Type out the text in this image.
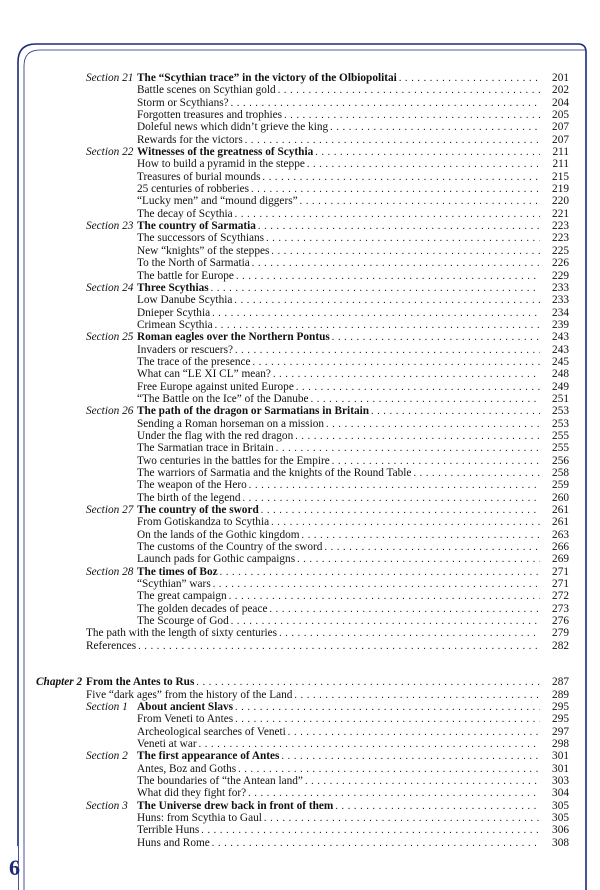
Section 21 The “Scythian trace” in the victory of the Olbiopolitai . . .	201
Battle scenes on Scythian gold . . .	202
Storm or Scythians? . . .	204
Forgotten treasures and trophies . . .	205
Doleful news which didn’t grieve the king . . .	207
Rewards for the victors . . .	207
Section 22 Witnesses of the greatness of Scythia . . .	211
How to build a pyramid in the steppe . . .	211
Treasures of burial mounds . . .	215
25 centuries of robberies . . .	219
“Lucky men” and “mound diggers” . . .	220
The decay of Scythia . . .	221
Section 23 The country of Sarmatia . . .	223
The successors of Scythians . . .	223
New “knights” of the steppes . . .	225
To the North of Sarmatia . . .	226
The battle for Europe . . .	229
Section 24 Three Scythias . . .	233
Low Danube Scythia . . .	233
Dnieper Scythia . . .	234
Crimean Scythia . . .	239
Section 25 Roman eagles over the Northern Pontus . . .	243
Invaders or rescuers? . . .	243
The trace of the presence . . .	245
What can “LE XI CL” mean? . . .	248
Free Europe against united Europe . . .	249
“The Battle on the Ice” of the Danube . . .	251
Section 26 The path of the dragon or Sarmatians in Britain . . .	253
Sending a Roman horseman on a mission . . .	253
Under the flag with the red dragon . . .	255
The Sarmatian trace in Britain . . .	255
Two centuries in the battles for the Empire . . .	256
The warriors of Sarmatia and the knights of the Round Table . . .	258
The weapon of the Hero . . .	259
The birth of the legend . . .	260
Section 27 The country of the sword . . .	261
From Gotiskandza to Scythia . . .	261
On the lands of the Gothic kingdom . . .	263
The customs of the Country of the sword . . .	266
Launch pads for Gothic campaigns . . .	269
Section 28 The times of Boz . . .	271
“Scythian” wars . . .	271
The great campaign . . .	272
The golden decades of peace . . .	273
The Scourge of God . . .	276
The path with the length of sixty centuries . . .	279
References . . .	282
Chapter 2 From the Antes to Rus . . .	287
Five “dark ages” from the history of the Land . . .	289
Section 1 About ancient Slavs . . .	295
From Veneti to Antes . . .	295
Archeological searches of Veneti . . .	297
Veneti at war . . .	298
Section 2 The first appearance of Antes . . .	301
Antes, Boz and Goths . . .	301
The boundaries of “the Antean land” . . .	303
What did they fight for? . . .	304
Section 3 The Universe drew back in front of them . . .	305
Huns: from Scythia to Gaul . . .	305
Terrible Huns . . .	306
Huns and Rome . . .	308
6
